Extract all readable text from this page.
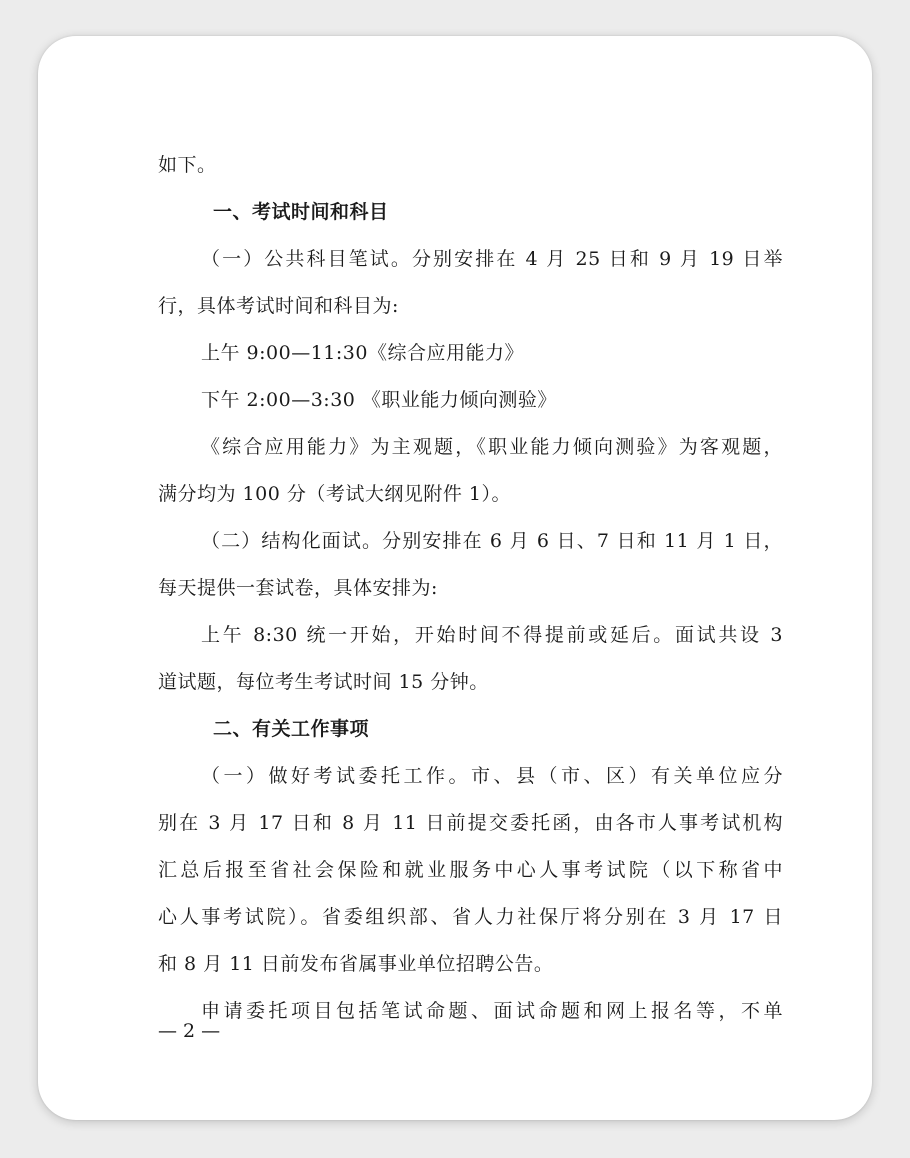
如下。
一、考试时间和科目
（一）公共科目笔试。分别安排在 4 月 25 日和 9 月 19 日举
行，具体考试时间和科目为:
上午 9:00—11:30《综合应用能力》
下午 2:00—3:30 《职业能力倾向测验》
《综合应用能力》为主观题，《职业能力倾向测验》为客观题，
满分均为 100 分（考试大纲见附件 1）。
（二）结构化面试。分别安排在 6 月 6 日、7 日和 11 月 1 日，
每天提供一套试卷，具体安排为:
上午 8:30 统一开始，开始时间不得提前或延后。面试共设 3
道试题，每位考生考试时间 15 分钟。
二、有关工作事项
（一）做好考试委托工作。市、县（市、区）有关单位应分
别在 3 月 17 日和 8 月 11 日前提交委托函，由各市人事考试机构
汇总后报至省社会保险和就业服务中心人事考试院（以下称省中
心人事考试院）。省委组织部、省人力社保厅将分别在 3 月 17 日
和 8 月 11 日前发布省属事业单位招聘公告。
申请委托项目包括笔试命题、面试命题和网上报名等，不单
— 2 —
